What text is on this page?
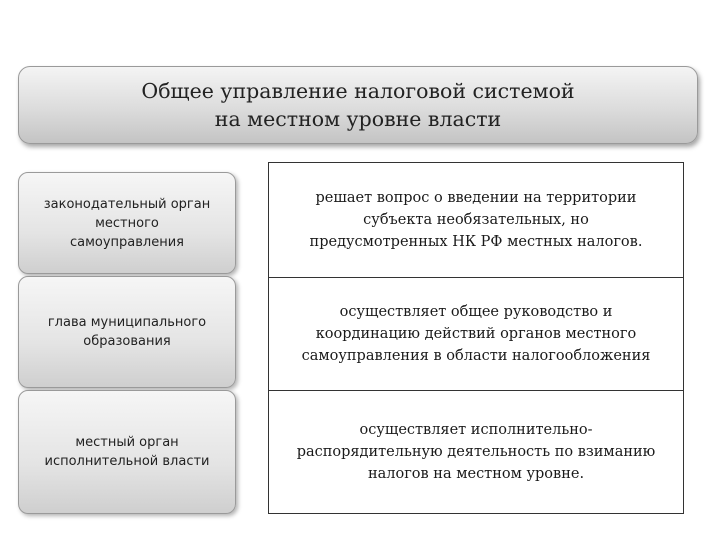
Общее управление налоговой системой
на местном уровне власти
законодательный орган
местного
самоуправления
глава муниципального
образования
местный орган
исполнительной власти
решает вопрос о введении на территории
субъекта необязательных, но
предусмотренных НК РФ местных налогов.
осуществляет общее руководство и
координацию действий органов местного
самоуправления в области налогообложения
осуществляет исполнительно-
распорядительную деятельность по взиманию
налогов на местном уровне.
